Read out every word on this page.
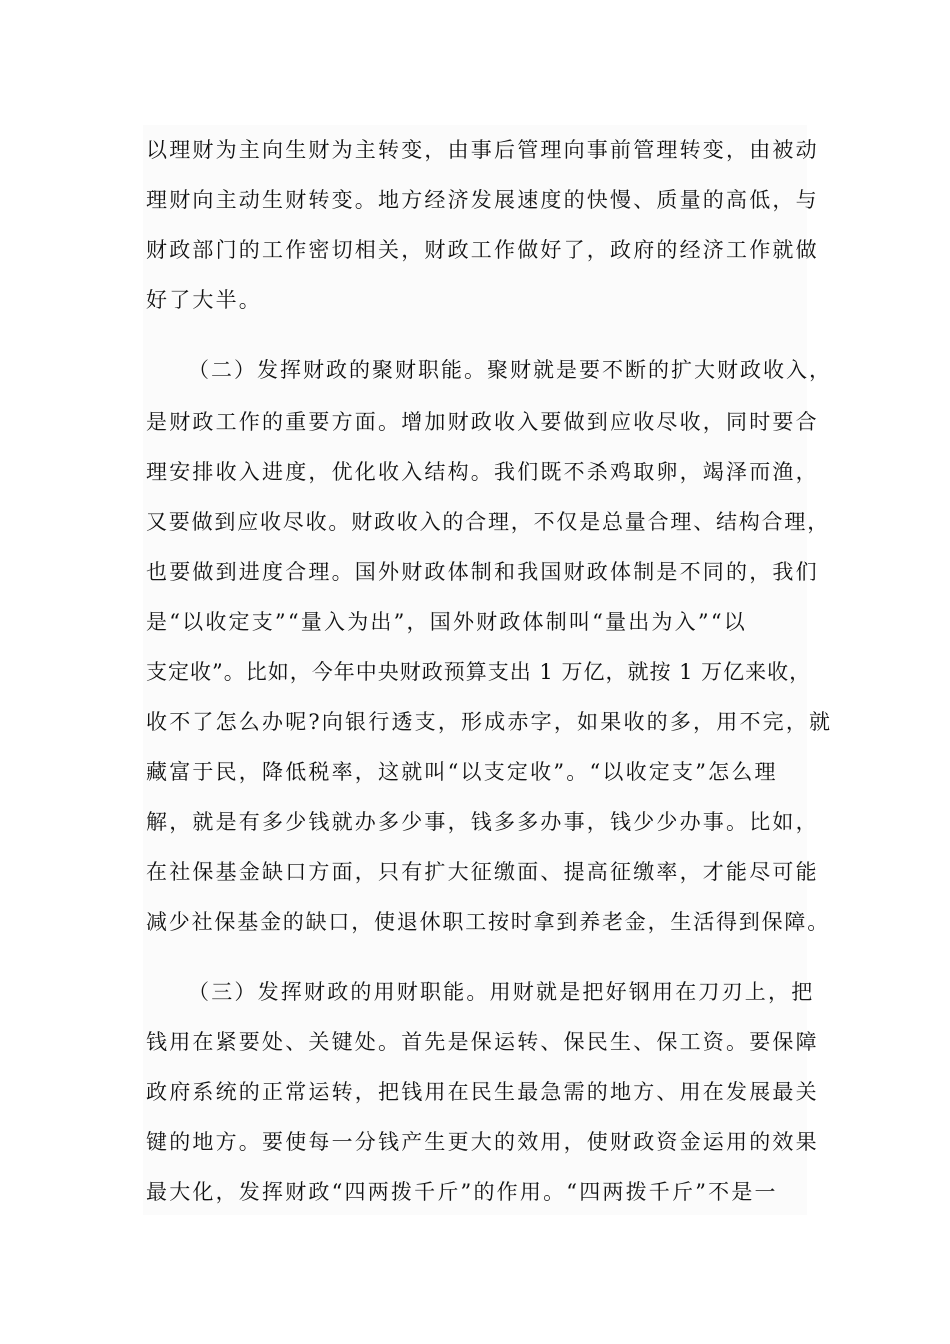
以理财为主向生财为主转变，由事后管理向事前管理转变，由被动
理财向主动生财转变。地方经济发展速度的快慢、质量的高低，与
财政部门的工作密切相关，财政工作做好了，政府的经济工作就做
好了大半。
（二）发挥财政的聚财职能。聚财就是要不断的扩大财政收入，
是财政工作的重要方面。增加财政收入要做到应收尽收，同时要合
理安排收入进度，优化收入结构。我们既不杀鸡取卵，竭泽而渔，
又要做到应收尽收。财政收入的合理，不仅是总量合理、结构合理，
也要做到进度合理。国外财政体制和我国财政体制是不同的，我们
是“以收定支”“量入为出”，国外财政体制叫“量出为入”“以
支定收”。比如，今年中央财政预算支出 1 万亿，就按 1 万亿来收，
收不了怎么办呢?向银行透支，形成赤字，如果收的多，用不完，就
藏富于民，降低税率，这就叫“以支定收”。“以收定支”怎么理
解，就是有多少钱就办多少事，钱多多办事，钱少少办事。比如，
在社保基金缺口方面，只有扩大征缴面、提高征缴率，才能尽可能
减少社保基金的缺口，使退休职工按时拿到养老金，生活得到保障。
（三）发挥财政的用财职能。用财就是把好钢用在刀刃上，把
钱用在紧要处、关键处。首先是保运转、保民生、保工资。要保障
政府系统的正常运转，把钱用在民生最急需的地方、用在发展最关
键的地方。要使每一分钱产生更大的效用，使财政资金运用的效果
最大化，发挥财政“四两拨千斤”的作用。“四两拨千斤”不是一
